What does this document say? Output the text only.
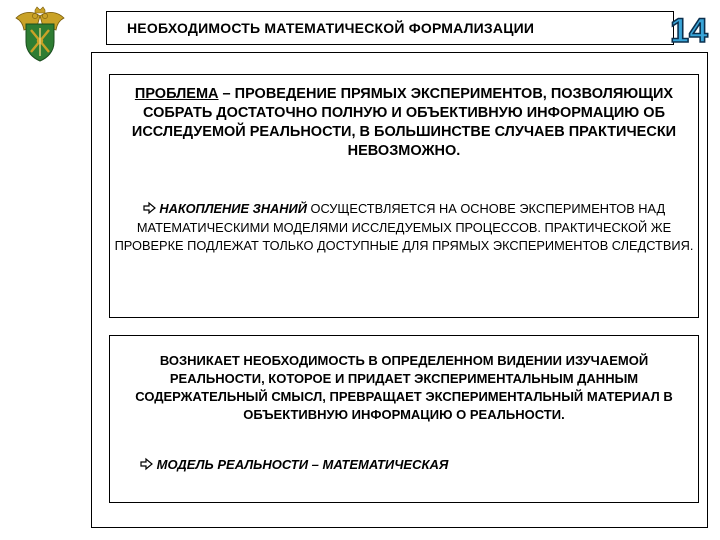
НЕОБХОДИМОСТЬ МАТЕМАТИЧЕСКОЙ ФОРМАЛИЗАЦИИ	14
ПРОБЛЕМА – ПРОВЕДЕНИЕ ПРЯМЫХ ЭКСПЕРИМЕНТОВ, ПОЗВОЛЯЮЩИХ СОБРАТЬ ДОСТАТОЧНО ПОЛНУЮ И ОБЪЕКТИВНУЮ ИНФОРМАЦИЮ ОБ ИССЛЕДУЕМОЙ РЕАЛЬНОСТИ, В БОЛЬШИНСТВЕ СЛУЧАЕВ ПРАКТИЧЕСКИ НЕВОЗМОЖНО.
НАКОПЛЕНИЕ ЗНАНИЙ ОСУЩЕСТВЛЯЕТСЯ НА ОСНОВЕ ЭКСПЕРИМЕНТОВ НАД МАТЕМАТИЧЕСКИМИ МОДЕЛЯМИ ИССЛЕДУЕМЫХ ПРОЦЕССОВ. ПРАКТИЧЕСКОЙ ЖЕ ПРОВЕРКЕ ПОДЛЕЖАТ ТОЛЬКО ДОСТУПНЫЕ ДЛЯ ПРЯМЫХ ЭКСПЕРИМЕНТОВ СЛЕДСТВИЯ.
ВОЗНИКАЕТ НЕОБХОДИМОСТЬ В ОПРЕДЕЛЕННОМ ВИДЕНИИ ИЗУЧАЕМОЙ РЕАЛЬНОСТИ, КОТОРОЕ И ПРИДАЕТ ЭКСПЕРИМЕНТАЛЬНЫМ ДАННЫМ СОДЕРЖАТЕЛЬНЫЙ СМЫСЛ, ПРЕВРАЩАЕТ ЭКСПЕРИМЕНТАЛЬНЫЙ МАТЕРИАЛ В ОБЪЕКТИВНУЮ ИНФОРМАЦИЮ О РЕАЛЬНОСТИ.
МОДЕЛЬ РЕАЛЬНОСТИ – МАТЕМАТИЧЕСКАЯ
